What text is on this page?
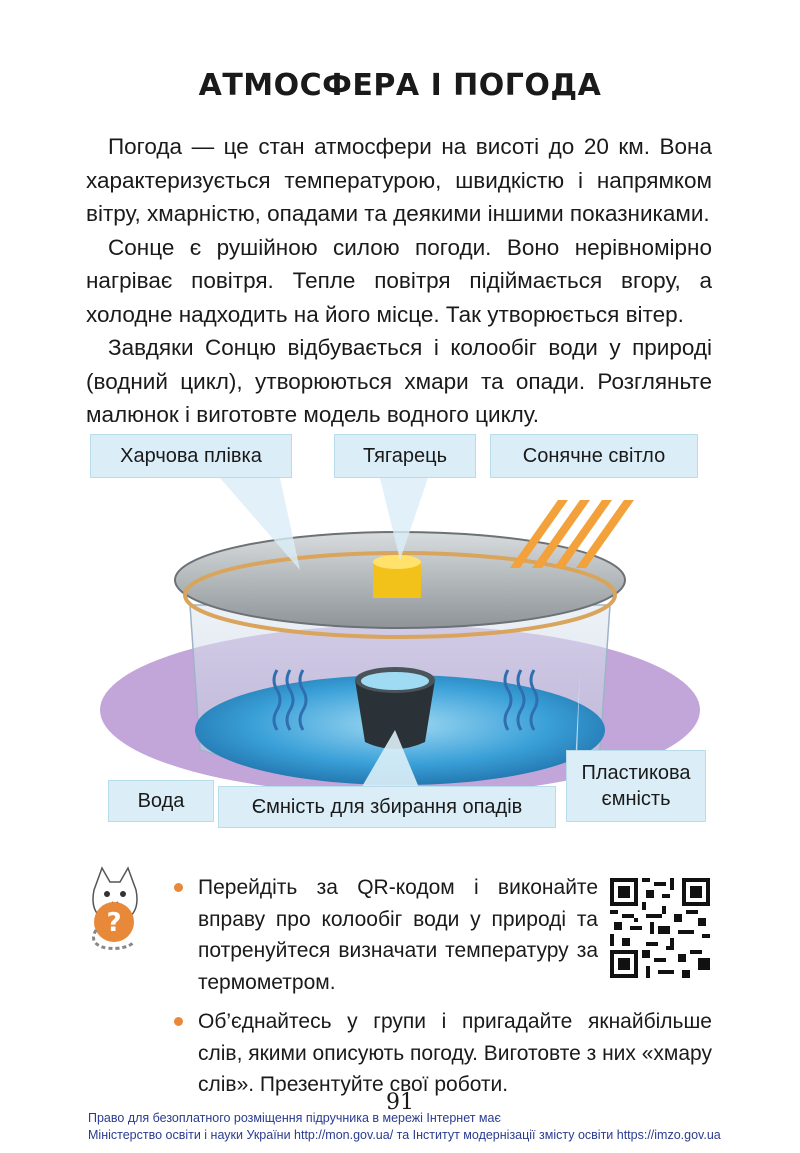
АТМОСФЕРА І ПОГОДА

Погода — це стан атмосфери на висоті до 20 км. Вона характеризується температурою, швидкістю і напрямком вітру, хмарністю, опадами та деякими іншими показниками.

Сонце є рушійною силою погоди. Воно нерівномірно нагріває повітря. Тепле повітря підіймається вгору, а холодне надходить на його місце. Так утворюється вітер.

Завдяки Сонцю відбувається і колообіг води у природі (водний цикл), утворюються хмари та опади. Розгляньте малюнок і виготовте модель водного циклу.

Харчова плівка	Тягарець	Сонячне світло
Пластикова
ємність
Вода	Ємність для збирання опадів
?
Перейдіть за QR-кодом і виконайте вправу про колообіг води у природі та потренуйтеся визначати температуру за термометром.
Об’єднайтесь у групи і пригадайте якнайбільше слів, якими описують погоду. Виготовте з них «хмару слів». Презентуйте свої роботи.
91
Право для безоплатного розміщення підручника в мережі Інтернет має
Міністерство освіти і науки України http://mon.gov.ua/ та Інститут модернізації змісту освіти https://imzo.gov.ua
